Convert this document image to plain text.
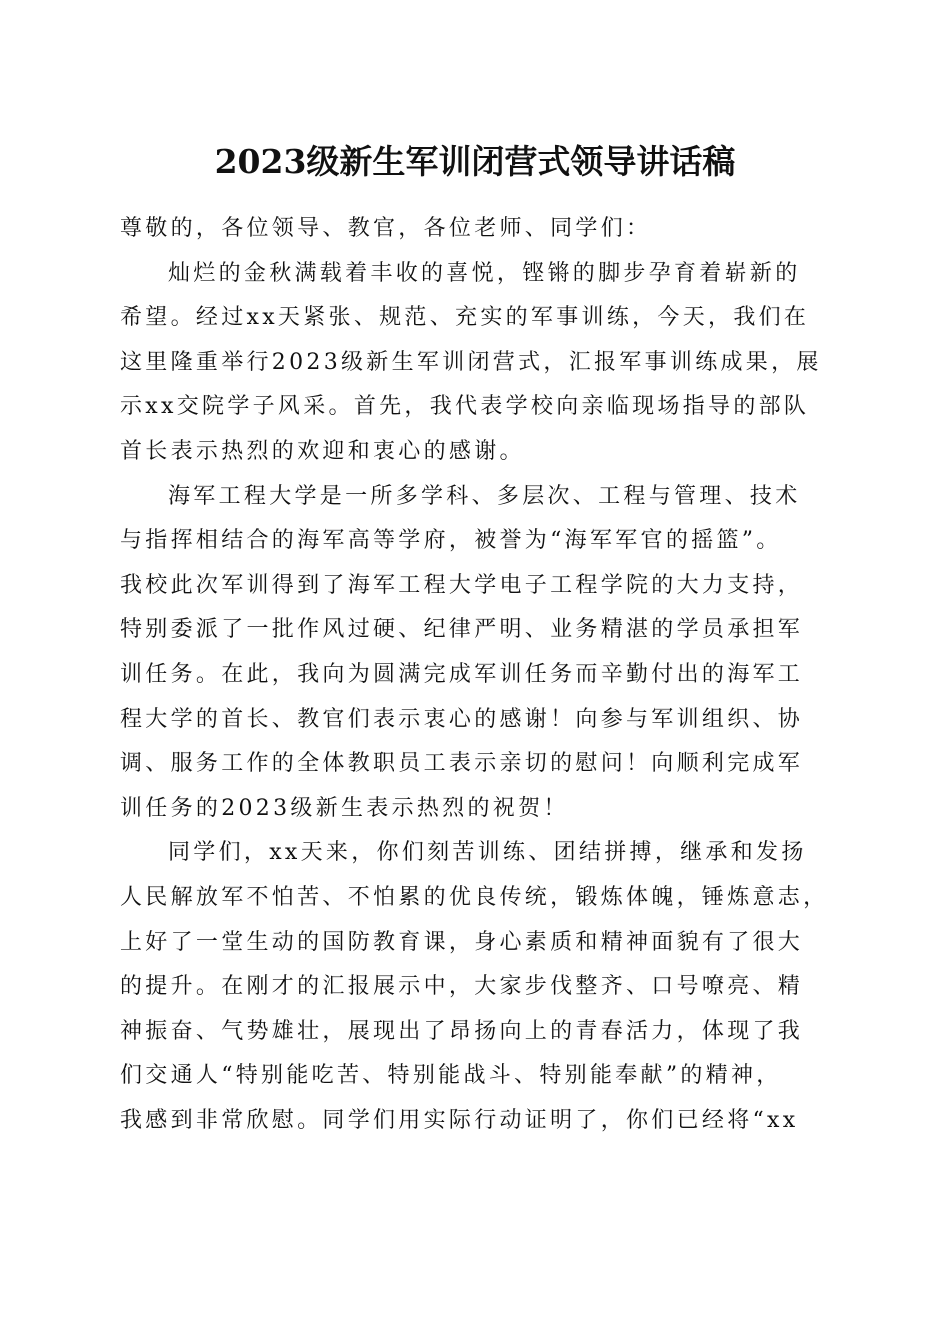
2023级新生军训闭营式领导讲话稿
尊敬的，各位领导、教官，各位老师、同学们：
灿烂的金秋满载着丰收的喜悦，铿锵的脚步孕育着崭新的
希望。经过xx天紧张、规范、充实的军事训练，今天，我们在
这里隆重举行2023级新生军训闭营式，汇报军事训练成果，展
示xx交院学子风采。首先，我代表学校向亲临现场指导的部队
首长表示热烈的欢迎和衷心的感谢。
海军工程大学是一所多学科、多层次、工程与管理、技术
与指挥相结合的海军高等学府，被誉为“海军军官的摇篮”。
我校此次军训得到了海军工程大学电子工程学院的大力支持，
特别委派了一批作风过硬、纪律严明、业务精湛的学员承担军
训任务。在此，我向为圆满完成军训任务而辛勤付出的海军工
程大学的首长、教官们表示衷心的感谢！向参与军训组织、协
调、服务工作的全体教职员工表示亲切的慰问！向顺利完成军
训任务的2023级新生表示热烈的祝贺！
同学们，xx天来，你们刻苦训练、团结拼搏，继承和发扬
人民解放军不怕苦、不怕累的优良传统，锻炼体魄，锤炼意志，
上好了一堂生动的国防教育课，身心素质和精神面貌有了很大
的提升。在刚才的汇报展示中，大家步伐整齐、口号嘹亮、精
神振奋、气势雄壮，展现出了昂扬向上的青春活力，体现了我
们交通人“特别能吃苦、特别能战斗、特别能奉献”的精神，
我感到非常欣慰。同学们用实际行动证明了，你们已经将“xx
